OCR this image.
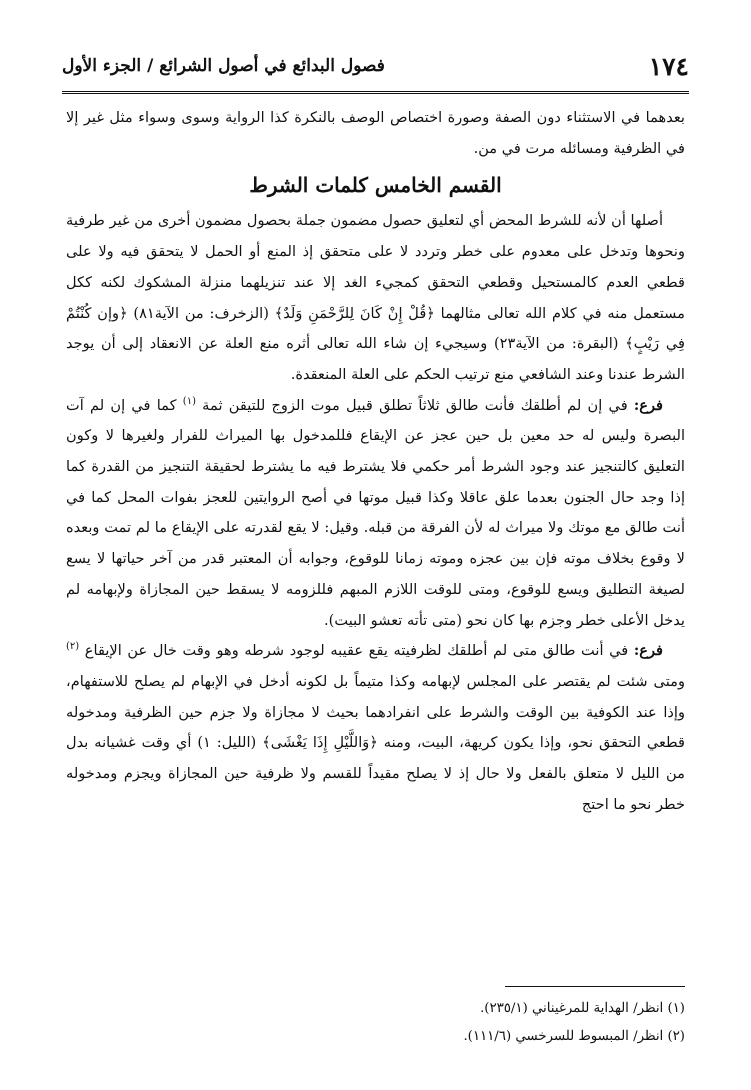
١٧٤
فصول البدائع في أصول الشرائع / الجزء الأول

بعدهما في الاستثناء دون الصفة وصورة اختصاص الوصف بالنكرة كذا الرواية وسوى وسواء مثل غير إلا في الظرفية ومسائله مرت في من.

القسم الخامس كلمات الشرط

أصلها أن لأنه للشرط المحض أي لتعليق حصول مضمون جملة بحصول مضمون أخرى من غير طرفية ونحوها وتدخل على معدوم على خطر وتردد لا على متحقق إذ المنع أو الحمل لا يتحقق فيه ولا على قطعي العدم كالمستحيل وقطعي التحقق كمجيء الغد إلا عند تنزيلهما منزلة المشكوك لكنه ككل مستعمل منه في كلام الله تعالى مثالهما ﴿قُلْ إِنْ كَانَ لِلرَّحْمَنِ وَلَدٌ﴾ (الزخرف: من الآية٨١) ﴿وإن كُنْتُمْ فِي رَيْبٍ﴾ (البقرة: من الآية٢٣) وسيجيء إن شاء الله تعالى أثره منع العلة عن الانعقاد إلى أن يوجد الشرط عندنا وعند الشافعي منع ترتيب الحكم على العلة المنعقدة.

فرع: في إن لم أطلقك فأنت طالق ثلاثاً تطلق قبيل موت الزوج للتيقن ثمة $^{(١)}$ كما في إن لم آت البصرة وليس له حد معين بل حين عجز عن الإيقاع فللمدخول بها الميراث للفرار ولغيرها لا وكون التعليق كالتنجيز عند وجود الشرط أمر حكمي فلا يشترط فيه ما يشترط لحقيقة التنجيز من القدرة كما إذا وجد حال الجنون بعدما علق عاقلا وكذا قبيل موتها في أصح الروايتين للعجز بفوات المحل كما في أنت طالق مع موتك ولا ميراث له لأن الفرقة من قبله. وقيل: لا يقع لقدرته على الإيقاع ما لم تمت وبعده لا وقوع بخلاف موته فإن بين عجزه وموته زمانا للوقوع، وجوابه أن المعتبر قدر من آخر حياتها لا يسع لصيغة التطليق ويسع للوقوع، ومتى للوقت اللازم المبهم فللزومه لا يسقط حين المجازاة ولإبهامه لم يدخل الأعلى خطر وجزم بها كان نحو (متى تأته تعشو البيت).

فرع: في أنت طالق متى لم أطلقك لظرفيته يقع عقيبه لوجود شرطه وهو وقت خال عن الإيقاع $^{(٢)}$ ومتى شئت لم يقتصر على المجلس لإبهامه وكذا متيماً بل لكونه أدخل في الإبهام لم يصلح للاستفهام، وإذا عند الكوفية بين الوقت والشرط على انفرادهما بحيث لا مجازاة ولا جزم حين الظرفية ومدخوله قطعي التحقق نحو، وإذا يكون كريهة، البيت، ومنه ﴿وَاللَّيْلِ إِذَا يَغْشَى﴾ (الليل: ١) أي وقت غشيانه بدل من الليل لا متعلق بالفعل ولا حال إذ لا يصلح مقيداً للقسم ولا ظرفية حين المجازاة ويجزم ومدخوله خطر نحو ما احتج

(١) انظر/ الهداية للمرغيناني (٢٣٥/١).

(٢) انظر/ المبسوط للسرخسي (١١١/٦).
